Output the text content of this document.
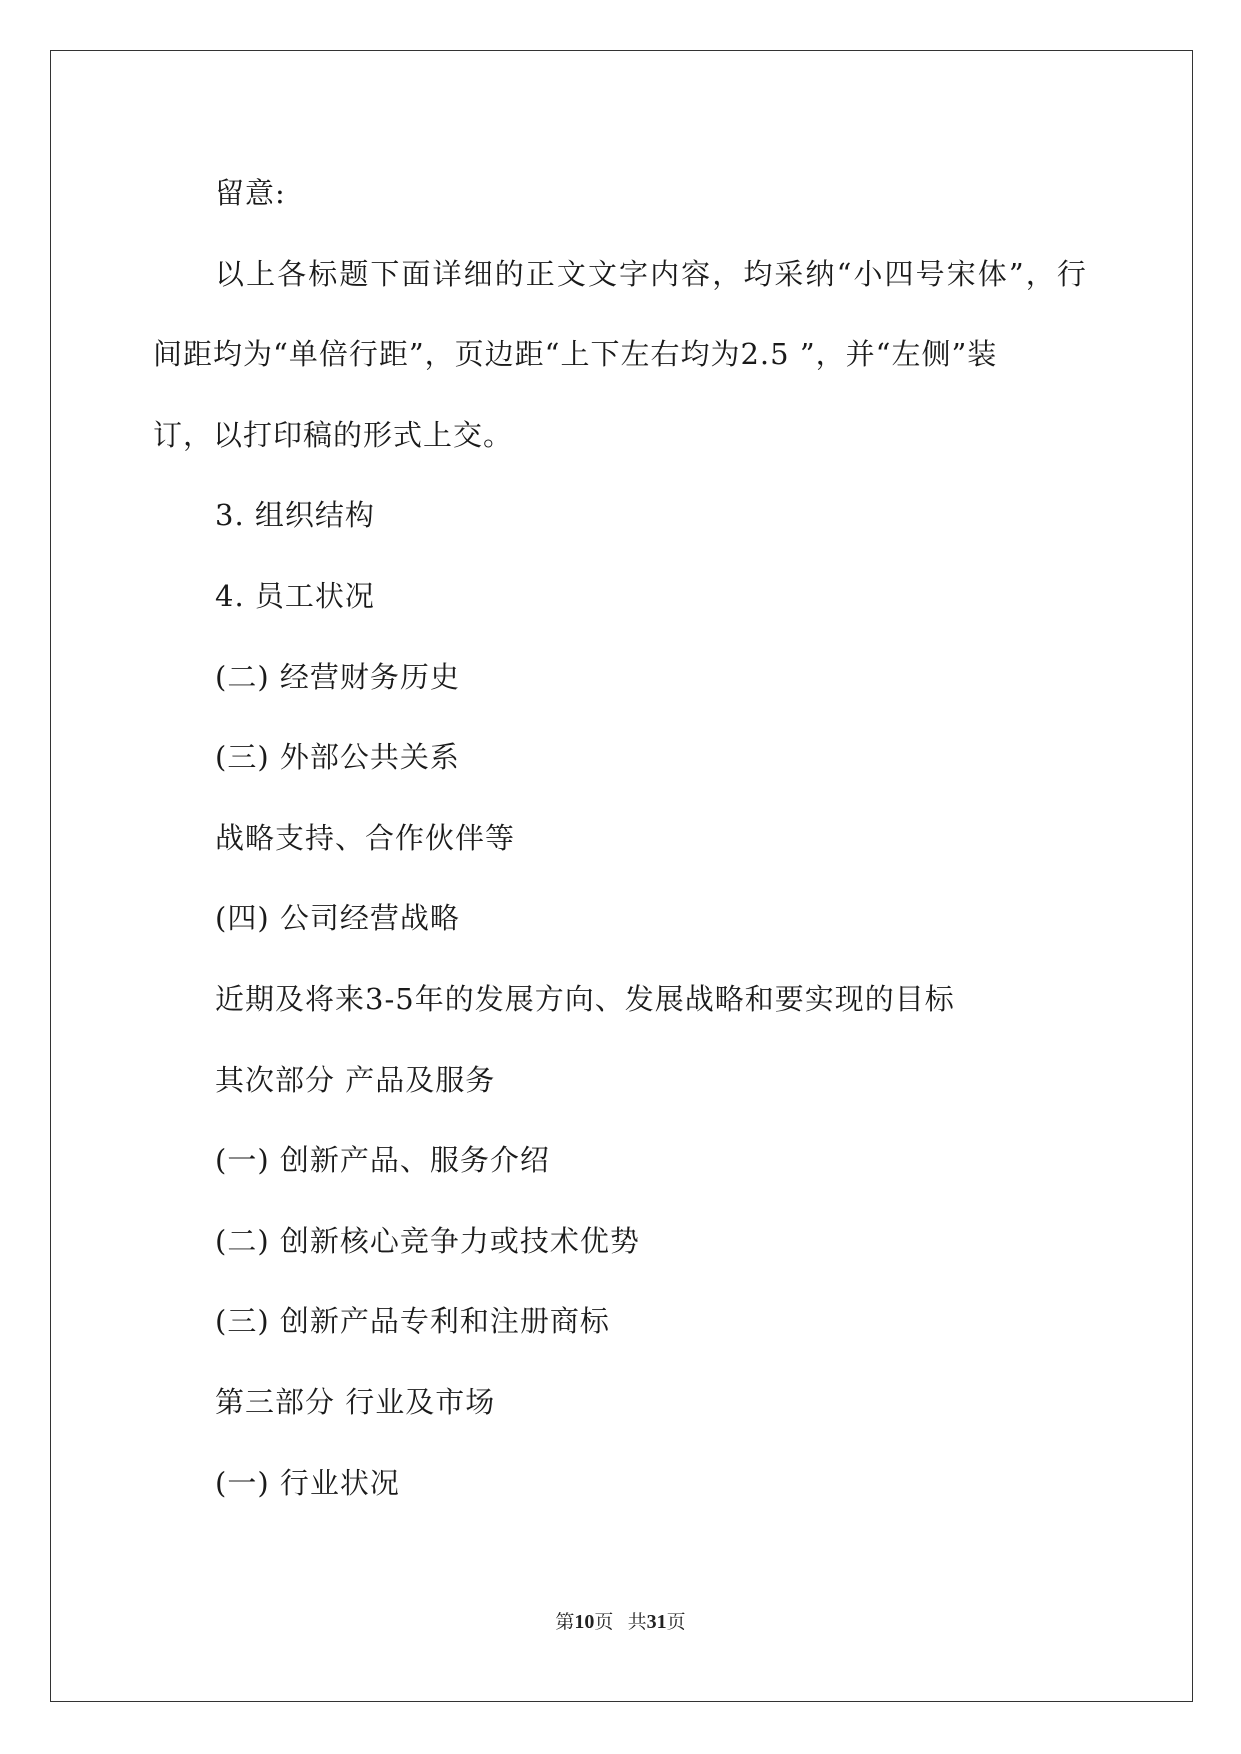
留意:
以 上 各 标 题 下 面 详 细 的 正 文 文 字 内 容 ， 均 采 纳 “ 小 四 号 宋 体 ” ， 行
间距均为“单倍行距”，页边距“上下左右均为2.5 ”，并“左侧”装
订，以打印稿的形式上交。
3. 组织结构
4. 员工状况
(二) 经营财务历史
(三) 外部公共关系
战略支持、合作伙伴等
(四) 公司经营战略
近期及将来3-5年的发展方向、发展战略和要实现的目标
其次部分 产品及服务
(一) 创新产品、服务介绍
(二) 创新核心竞争力或技术优势
(三) 创新产品专利和注册商标
第三部分 行业及市场
(一) 行业状况
第10页   共31页
